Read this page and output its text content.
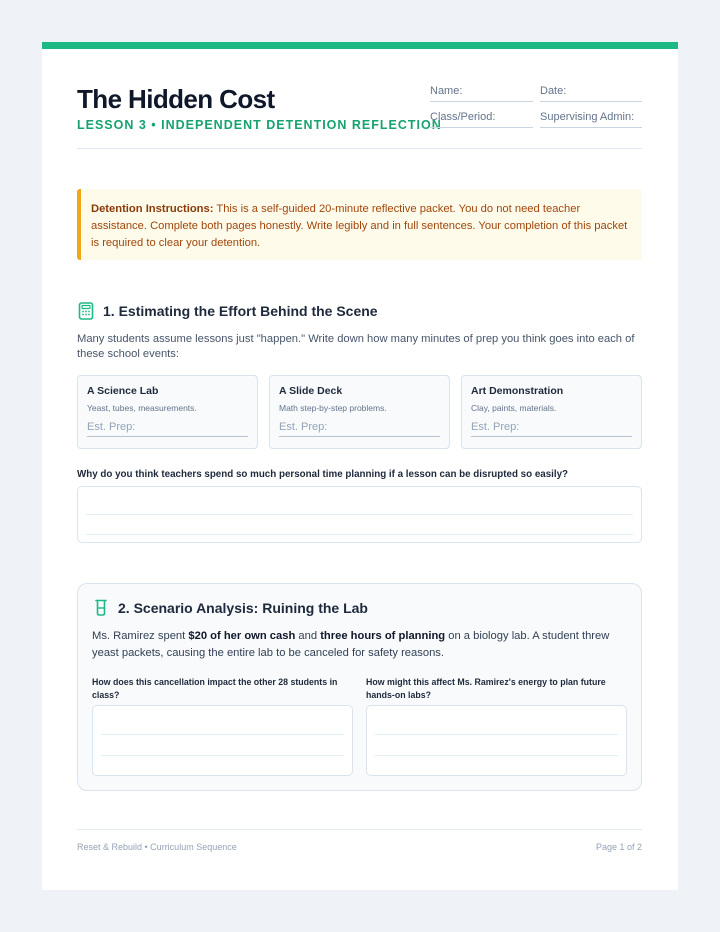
The Hidden Cost
LESSON 3 • INDEPENDENT DETENTION REFLECTION
Name:	Date:
Class/Period:	Supervising Admin:
Detention Instructions: This is a self-guided 20-minute reflective packet. You do not need teacher assistance. Complete both pages honestly. Write legibly and in full sentences. Your completion of this packet is required to clear your detention.
1. Estimating the Effort Behind the Scene
Many students assume lessons just "happen." Write down how many minutes of prep you think goes into each of these school events:
A Science Lab
Yeast, tubes, measurements.
Est. Prep:
A Slide Deck
Math step-by-step problems.
Est. Prep:
Art Demonstration
Clay, paints, materials.
Est. Prep:
Why do you think teachers spend so much personal time planning if a lesson can be disrupted so easily?
2. Scenario Analysis: Ruining the Lab
Ms. Ramirez spent $20 of her own cash and three hours of planning on a biology lab. A student threw yeast packets, causing the entire lab to be canceled for safety reasons.
How does this cancellation impact the other 28 students in class?
How might this affect Ms. Ramirez's energy to plan future hands-on labs?
Reset & Rebuild • Curriculum Sequence	Page 1 of 2
